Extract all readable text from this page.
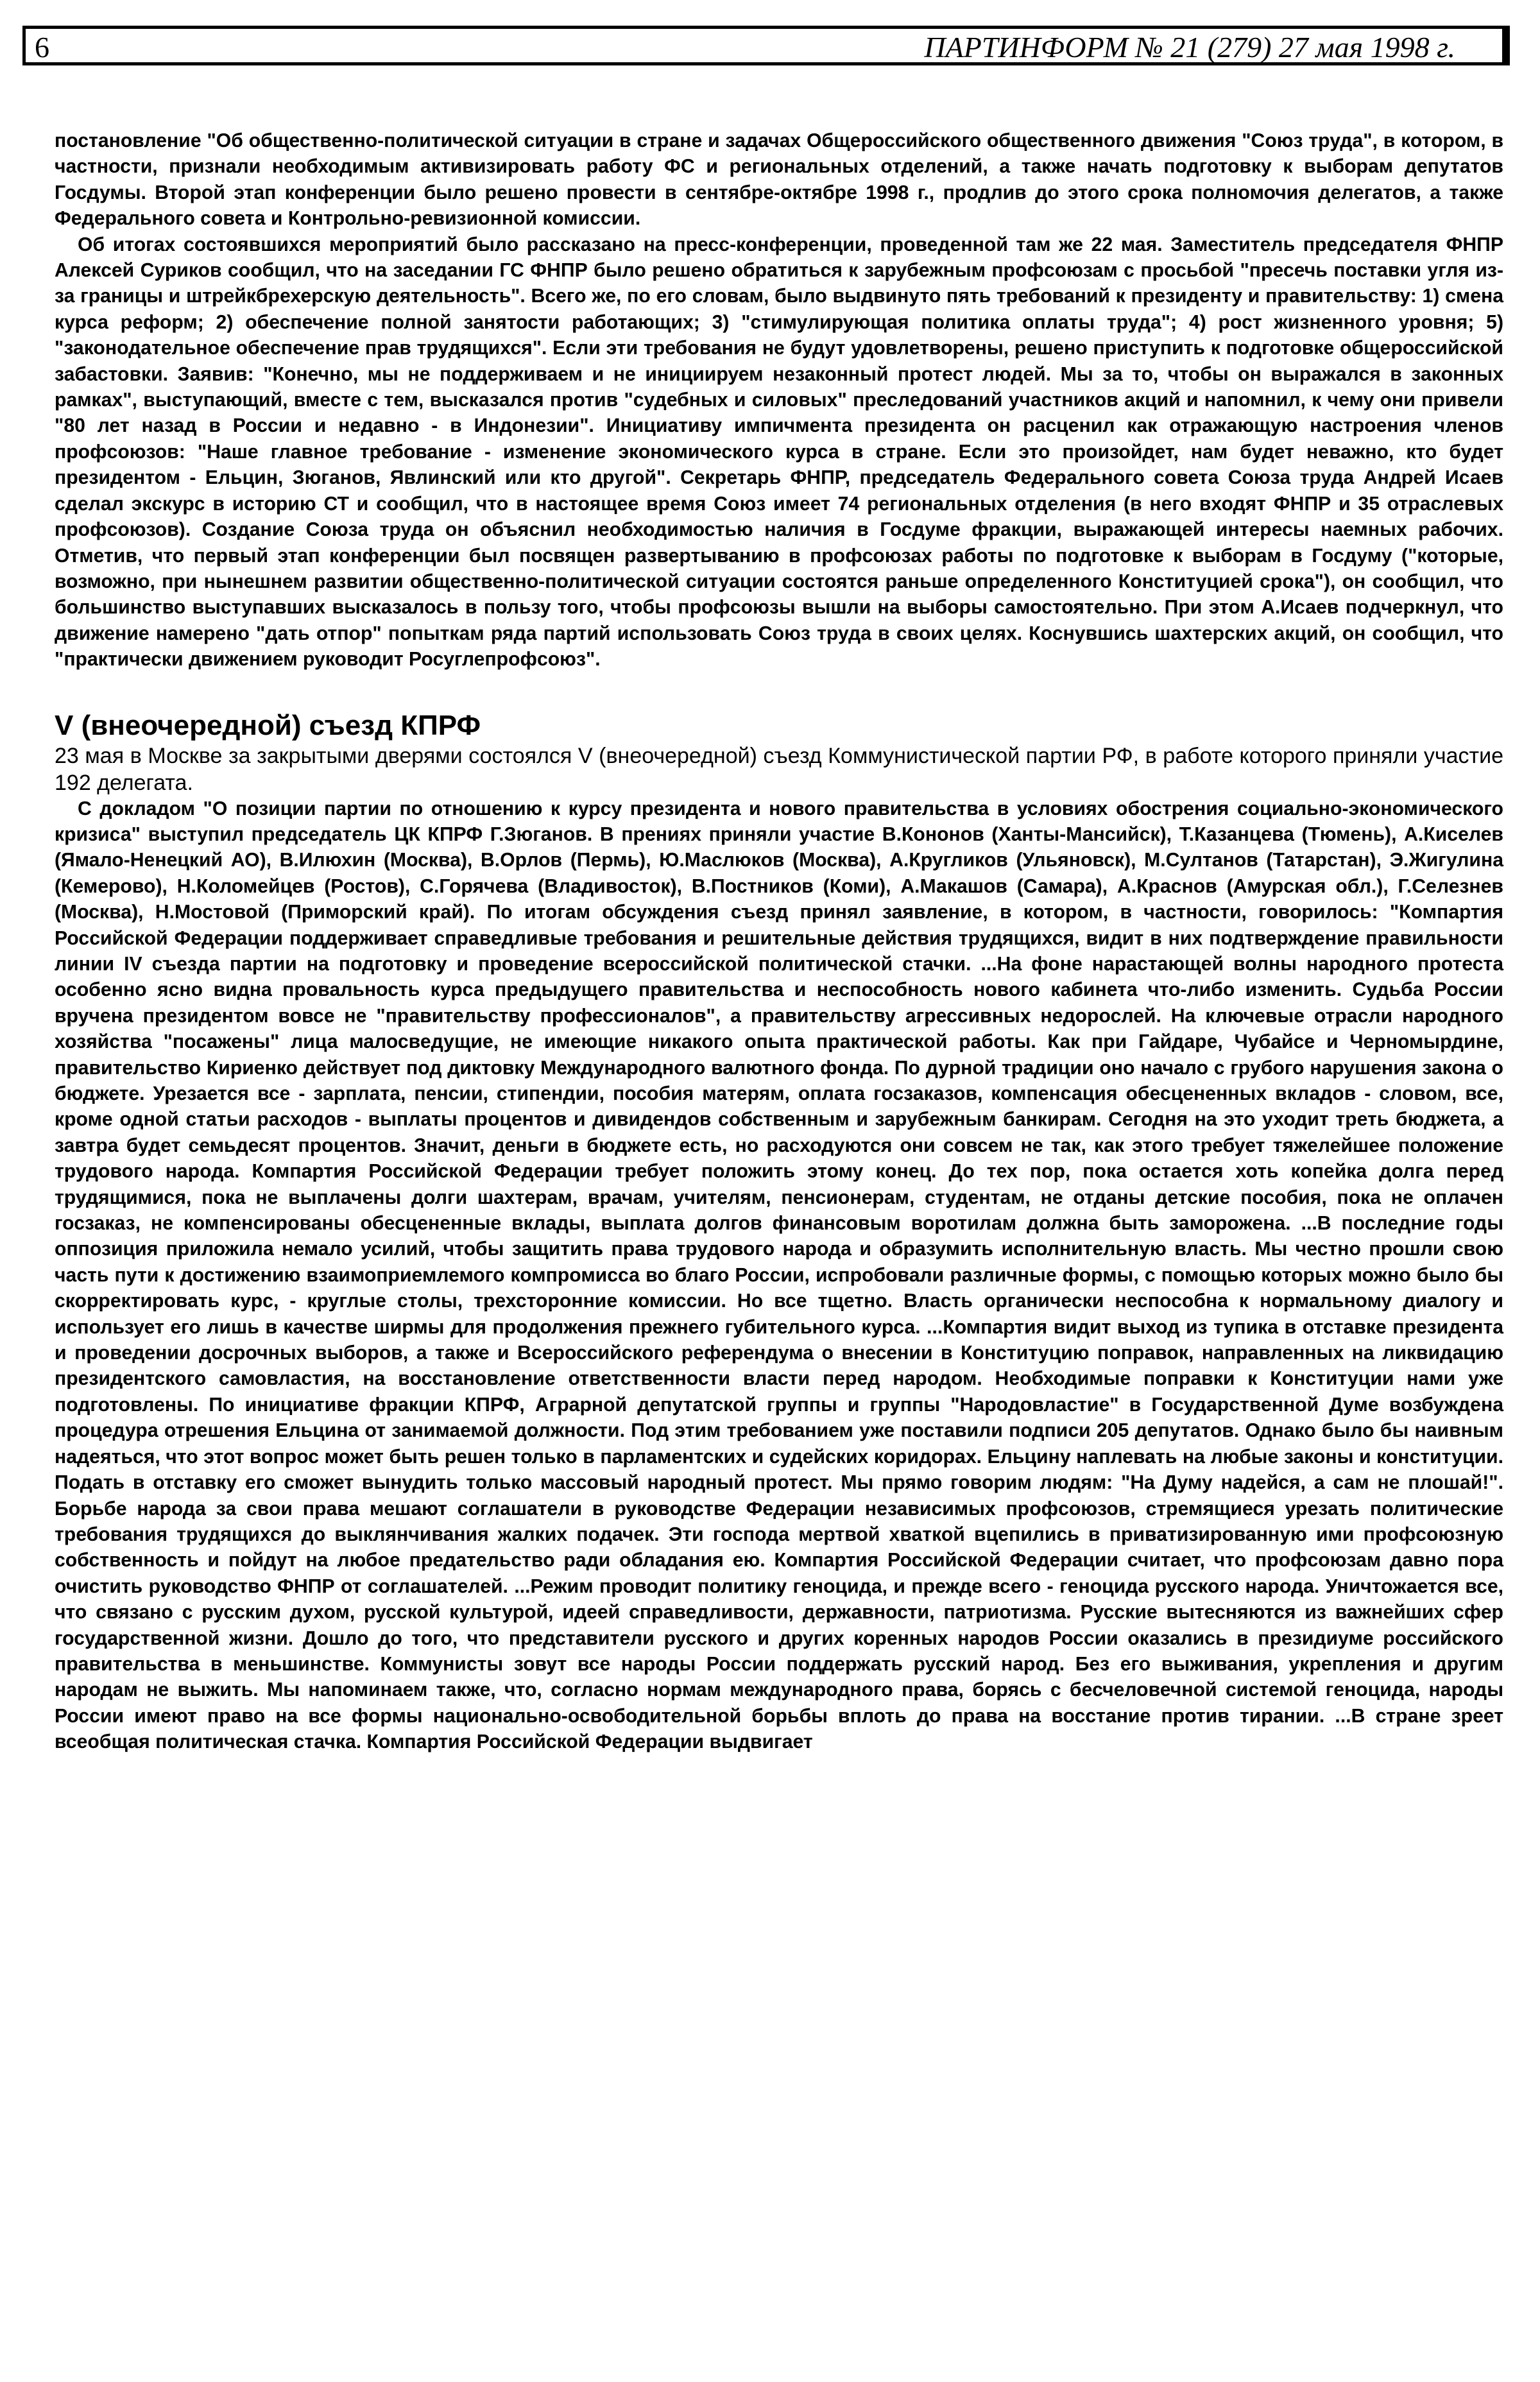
6	ПАРТИНФОРМ № 21 (279) 27 мая 1998 г.

постановление "Об общественно-политической ситуации в стране и задачах Общероссийского общественного движения "Союз труда", в котором, в частности, признали необходимым активизировать работу ФС и региональных отделений, а также начать подготовку к выборам депутатов Госдумы. Второй этап конференции было решено провести в сентябре-октябре 1998 г., продлив до этого срока полномочия делегатов, а также Федерального совета и Контрольно-ревизионной комиссии.

Об итогах состоявшихся мероприятий было рассказано на пресс-конференции, проведенной там же 22 мая. Заместитель председателя ФНПР Алексей Суриков сообщил, что на заседании ГС ФНПР было решено обратиться к зарубежным профсоюзам с просьбой "пресечь поставки угля из-за границы и штрейкбрехерскую деятельность". Всего же, по его словам, было выдвинуто пять требований к президенту и правительству: 1) смена курса реформ; 2) обеспечение полной занятости работающих; 3) "стимулирующая политика оплаты труда"; 4) рост жизненного уровня; 5) "законодательное обеспечение прав трудящихся". Если эти требования не будут удовлетворены, решено приступить к подготовке общероссийской забастовки. Заявив: "Конечно, мы не поддерживаем и не инициируем незаконный протест людей. Мы за то, чтобы он выражался в законных рамках", выступающий, вместе с тем, высказался против "судебных и силовых" преследований участников акций и напомнил, к чему они привели "80 лет назад в России и недавно - в Индонезии". Инициативу импичмента президента он расценил как отражающую настроения членов профсоюзов: "Наше главное требование - изменение экономического курса в стране. Если это произойдет, нам будет неважно, кто будет президентом - Ельцин, Зюганов, Явлинский или кто другой". Секретарь ФНПР, председатель Федерального совета Союза труда Андрей Исаев сделал экскурс в историю СТ и сообщил, что в настоящее время Союз имеет 74 региональных отделения (в него входят ФНПР и 35 отраслевых профсоюзов). Создание Союза труда он объяснил необходимостью наличия в Госдуме фракции, выражающей интересы наемных рабочих. Отметив, что первый этап конференции был посвящен развертыванию в профсоюзах работы по подготовке к выборам в Госдуму ("которые, возможно, при нынешнем развитии общественно-политической ситуации состоятся раньше определенного Конституцией срока"), он сообщил, что большинство выступавших высказалось в пользу того, чтобы профсоюзы вышли на выборы самостоятельно. При этом А.Исаев подчеркнул, что движение намерено "дать отпор" попыткам ряда партий использовать Союз труда в своих целях. Коснувшись шахтерских акций, он сообщил, что "практически движением руководит Росуглепрофсоюз".

V (внеочередной) съезд КПРФ

23 мая в Москве за закрытыми дверями состоялся V (внеочередной) съезд Коммунистической партии РФ, в работе которого приняли участие 192 делегата.

С докладом "О позиции партии по отношению к курсу президента и нового правительства в условиях обострения социально-экономического кризиса" выступил председатель ЦК КПРФ Г.Зюганов. В прениях приняли участие В.Кононов (Ханты-Мансийск), Т.Казанцева (Тюмень), А.Киселев (Ямало-Ненецкий АО), В.Илюхин (Москва), В.Орлов (Пермь), Ю.Маслюков (Москва), А.Кругликов (Ульяновск), М.Султанов (Татарстан), Э.Жигулина (Кемерово), Н.Коломейцев (Ростов), С.Горячева (Владивосток), В.Постников (Коми), А.Макашов (Самара), А.Краснов (Амурская обл.), Г.Селезнев (Москва), Н.Мостовой (Приморский край). По итогам обсуждения съезд принял заявление, в котором, в частности, говорилось: "Компартия Российской Федерации поддерживает справедливые требования и решительные действия трудящихся, видит в них подтверждение правильности линии IV съезда партии на подготовку и проведение всероссийской политической стачки. ...На фоне нарастающей волны народного протеста особенно ясно видна провальность курса предыдущего правительства и неспособность нового кабинета что-либо изменить. Судьба России вручена президентом вовсе не "правительству профессионалов", а правительству агрессивных недорослей. На ключевые отрасли народного хозяйства "посажены" лица малосведущие, не имеющие никакого опыта практической работы. Как при Гайдаре, Чубайсе и Черномырдине, правительство Кириенко действует под диктовку Международного валютного фонда. По дурной традиции оно начало с грубого нарушения закона о бюджете. Урезается все - зарплата, пенсии, стипендии, пособия матерям, оплата госзаказов, компенсация обесцененных вкладов - словом, все, кроме одной статьи расходов - выплаты процентов и дивидендов собственным и зарубежным банкирам. Сегодня на это уходит треть бюджета, а завтра будет семьдесят процентов. Значит, деньги в бюджете есть, но расходуются они совсем не так, как этого требует тяжелейшее положение трудового народа. Компартия Российской Федерации требует положить этому конец. До тех пор, пока остается хоть копейка долга перед трудящимися, пока не выплачены долги шахтерам, врачам, учителям, пенсионерам, студентам, не отданы детские пособия, пока не оплачен госзаказ, не компенсированы обесцененные вклады, выплата долгов финансовым воротилам должна быть заморожена. ...В последние годы оппозиция приложила немало усилий, чтобы защитить права трудового народа и образумить исполнительную власть. Мы честно прошли свою часть пути к достижению взаимоприемлемого компромисса во благо России, испробовали различные формы, с помощью которых можно было бы скорректировать курс, - круглые столы, трехсторонние комиссии. Но все тщетно. Власть органически неспособна к нормальному диалогу и использует его лишь в качестве ширмы для продолжения прежнего губительного курса. ...Компартия видит выход из тупика в отставке президента и проведении досрочных выборов, а также и Всероссийского референдума о внесении в Конституцию поправок, направленных на ликвидацию президентского самовластия, на восстановление ответственности власти перед народом. Необходимые поправки к Конституции нами уже подготовлены. По инициативе фракции КПРФ, Аграрной депутатской группы и группы "Народовластие" в Государственной Думе возбуждена процедура отрешения Ельцина от занимаемой должности. Под этим требованием уже поставили подписи 205 депутатов. Однако было бы наивным надеяться, что этот вопрос может быть решен только в парламентских и судейских коридорах. Ельцину наплевать на любые законы и конституции. Подать в отставку его сможет вынудить только массовый народный протест. Мы прямо говорим людям: "На Думу надейся, а сам не плошай!". Борьбе народа за свои права мешают соглашатели в руководстве Федерации независимых профсоюзов, стремящиеся урезать политические требования трудящихся до выклянчивания жалких подачек. Эти господа мертвой хваткой вцепились в приватизированную ими профсоюзную собственность и пойдут на любое предательство ради обладания ею. Компартия Российской Федерации считает, что профсоюзам давно пора очистить руководство ФНПР от соглашателей. ...Режим проводит политику геноцида, и прежде всего - геноцида русского народа. Уничтожается все, что связано с русским духом, русской культурой, идеей справедливости, державности, патриотизма. Русские вытесняются из важнейших сфер государственной жизни. Дошло до того, что представители русского и других коренных народов России оказались в президиуме российского правительства в меньшинстве. Коммунисты зовут все народы России поддержать русский народ. Без его выживания, укрепления и другим народам не выжить. Мы напоминаем также, что, согласно нормам международного права, борясь с бесчеловечной системой геноцида, народы России имеют право на все формы национально-освободительной борьбы вплоть до права на восстание против тирании. ...В стране зреет всеобщая политическая стачка. Компартия Российской Федерации выдвигает
